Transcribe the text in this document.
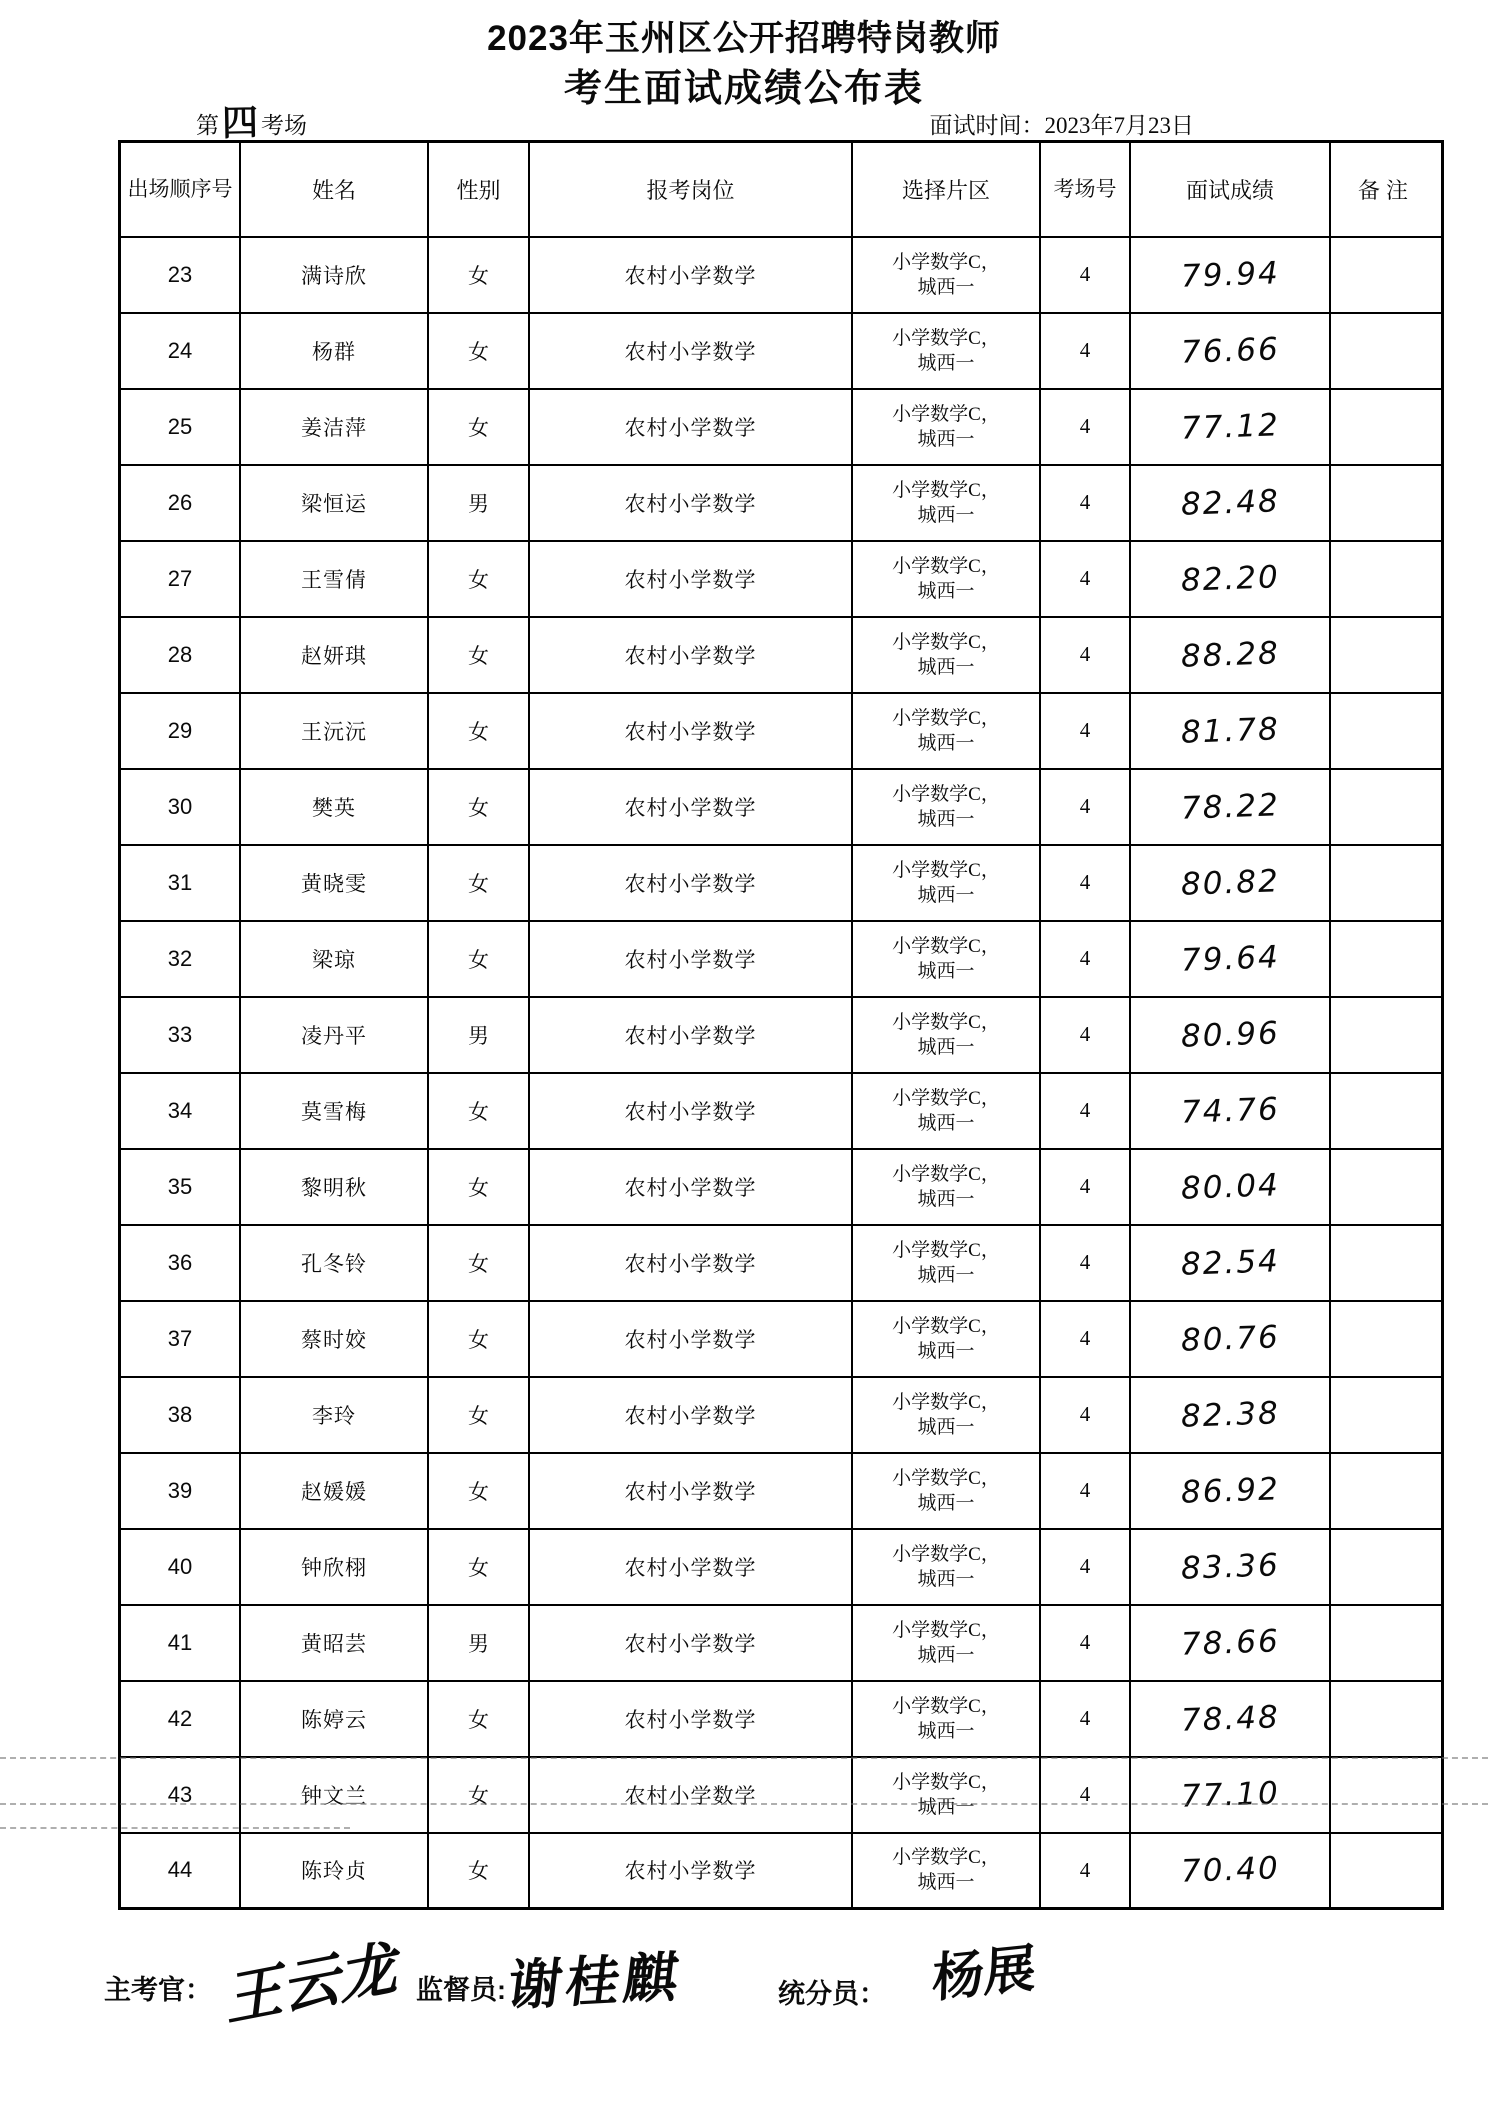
2023年玉州区公开招聘特岗教师
考生面试成绩公布表
第 四 考场	面试时间：2023年7月23日
出场顺序号	姓名	性别	报考岗位	选择片区	考场号	面试成绩	备注
23	满诗欣	女	农村小学数学	小学数学C，
城西一	4	79.94	
24	杨群	女	农村小学数学	小学数学C，
城西一	4	76.66	
25	姜洁萍	女	农村小学数学	小学数学C，
城西一	4	77.12	
26	梁恒运	男	农村小学数学	小学数学C，
城西一	4	82.48	
27	王雪倩	女	农村小学数学	小学数学C，
城西一	4	82.20	
28	赵妍琪	女	农村小学数学	小学数学C，
城西一	4	88.28	
29	王沅沅	女	农村小学数学	小学数学C，
城西一	4	81.78	
30	樊英	女	农村小学数学	小学数学C，
城西一	4	78.22	
31	黄晓雯	女	农村小学数学	小学数学C，
城西一	4	80.82	
32	梁琼	女	农村小学数学	小学数学C，
城西一	4	79.64	
33	凌丹平	男	农村小学数学	小学数学C，
城西一	4	80.96	
34	莫雪梅	女	农村小学数学	小学数学C，
城西一	4	74.76	
35	黎明秋	女	农村小学数学	小学数学C，
城西一	4	80.04	
36	孔冬铃	女	农村小学数学	小学数学C，
城西一	4	82.54	
37	蔡时姣	女	农村小学数学	小学数学C，
城西一	4	80.76	
38	李玲	女	农村小学数学	小学数学C，
城西一	4	82.38	
39	赵媛媛	女	农村小学数学	小学数学C，
城西一	4	86.92	
40	钟欣栩	女	农村小学数学	小学数学C，
城西一	4	83.36	
41	黄昭芸	男	农村小学数学	小学数学C，
城西一	4	78.66	
42	陈婷云	女	农村小学数学	小学数学C，
城西一	4	78.48	
43	钟文兰	女	农村小学数学	小学数学C，
城西一	4	77.10	
44	陈玲贞	女	农村小学数学	小学数学C，
城西一	4	70.40	
主考官： 王云龙 监督员:
谢桂麒	统分员： 杨展
